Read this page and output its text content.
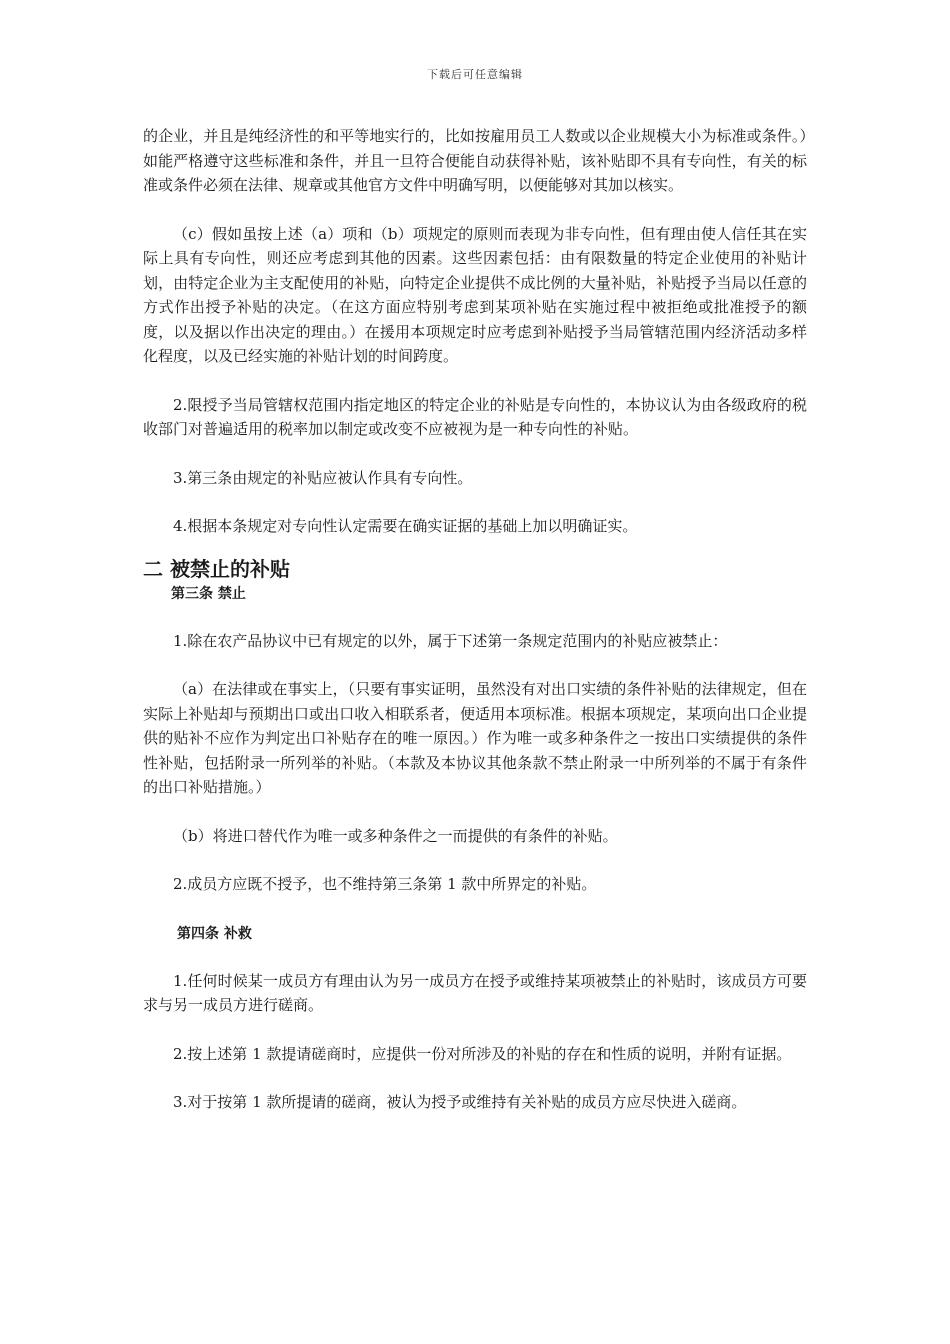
下载后可任意编辑

的企业，并且是纯经济性的和平等地实行的，比如按雇用员工人数或以企业规模大小为标准或条件。）如能严格遵守这些标准和条件，并且一旦符合便能自动获得补贴，该补贴即不具有专向性，有关的标准或条件必须在法律、规章或其他官方文件中明确写明，以便能够对其加以核实。

（c）假如虽按上述（a）项和（b）项规定的原则而表现为非专向性，但有理由使人信任其在实际上具有专向性，则还应考虑到其他的因素。这些因素包括：由有限数量的特定企业使用的补贴计划，由特定企业为主支配使用的补贴，向特定企业提供不成比例的大量补贴，补贴授予当局以任意的方式作出授予补贴的决定。（在这方面应特别考虑到某项补贴在实施过程中被拒绝或批准授予的额度，以及据以作出决定的理由。）在援用本项规定时应考虑到补贴授予当局管辖范围内经济活动多样化程度，以及已经实施的补贴计划的时间跨度。

2.限授予当局管辖权范围内指定地区的特定企业的补贴是专向性的，本协议认为由各级政府的税收部门对普遍适用的税率加以制定或改变不应被视为是一种专向性的补贴。

3.第三条由规定的补贴应被认作具有专向性。

4.根据本条规定对专向性认定需要在确实证据的基础上加以明确证实。

二 被禁止的补贴
第三条 禁止

1.除在农产品协议中已有规定的以外，属于下述第一条规定范围内的补贴应被禁止：

（a）在法律或在事实上，（只要有事实证明，虽然没有对出口实绩的条件补贴的法律规定，但在实际上补贴却与预期出口或出口收入相联系者，便适用本项标准。根据本项规定，某项向出口企业提供的贴补不应作为判定出口补贴存在的唯一原因。）作为唯一或多种条件之一按出口实绩提供的条件性补贴，包括附录一所列举的补贴。（本款及本协议其他条款不禁止附录一中所列举的不属于有条件的出口补贴措施。）

（b）将进口替代作为唯一或多种条件之一而提供的有条件的补贴。

2.成员方应既不授予，也不维持第三条第 1 款中所界定的补贴。

第四条 补救

1.任何时候某一成员方有理由认为另一成员方在授予或维持某项被禁止的补贴时，该成员方可要求与另一成员方进行磋商。

2.按上述第 1 款提请磋商时，应提供一份对所涉及的补贴的存在和性质的说明，并附有证据。

3.对于按第 1 款所提请的磋商，被认为授予或维持有关补贴的成员方应尽快进入磋商。
